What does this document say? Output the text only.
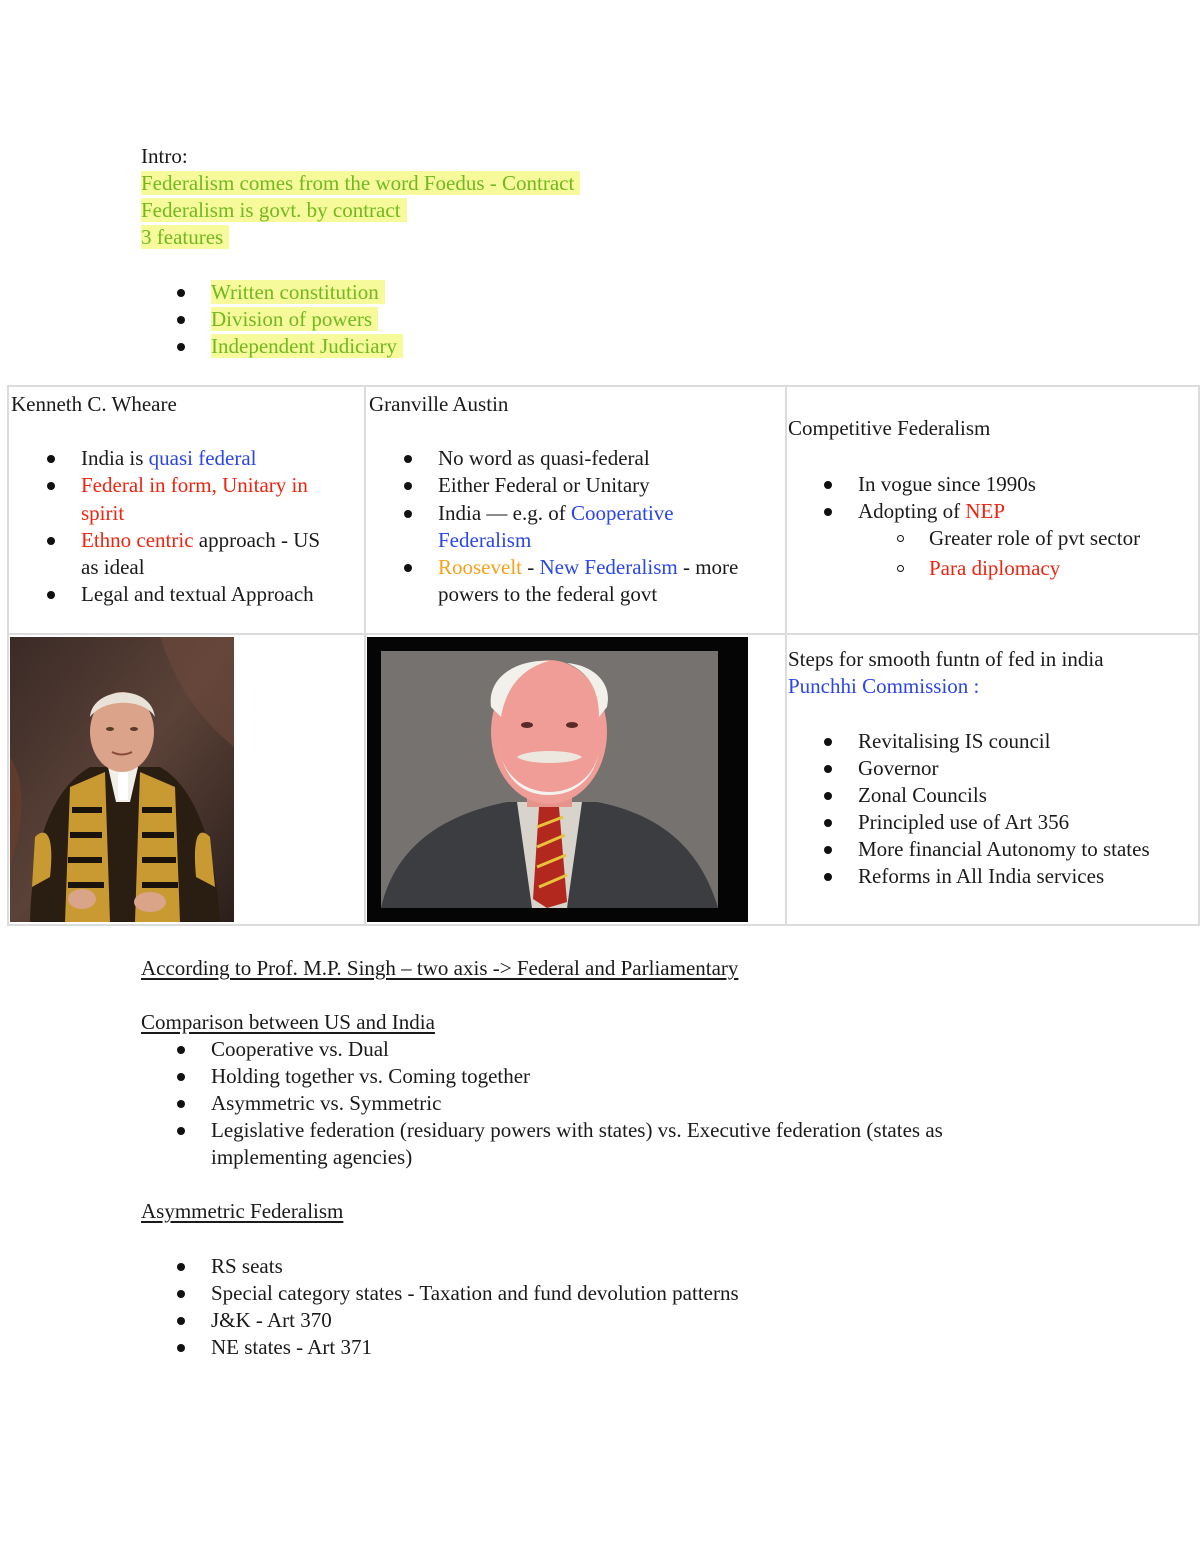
Intro:
Federalism comes from the word Foedus - Contract
Federalism is govt. by contract
3 features
Written constitution
Division of powers
Independent Judiciary
Kenneth C. Wheare
India is quasi federal
Federal in form, Unitary in
spirit
Ethno centric approach - US
as ideal
Legal and textual Approach
Granville Austin
No word as quasi-federal
Either Federal or Unitary
India — e.g. of Cooperative
Federalism
Roosevelt - New Federalism - more
powers to the federal govt
Competitive Federalism
In vogue since 1990s
Adopting of NEP
Greater role of pvt sector
Para diplomacy
Steps for smooth funtn of fed in india
Punchhi Commission :
Revitalising IS council
Governor
Zonal Councils
Principled use of Art 356
More financial Autonomy to states
Reforms in All India services
According to Prof. M.P. Singh – two axis -> Federal and Parliamentary
Comparison between US and India
Cooperative vs. Dual
Holding together vs. Coming together
Asymmetric vs. Symmetric
Legislative federation (residuary powers with states) vs. Executive federation (states as
implementing agencies)
Asymmetric Federalism
RS seats
Special category states - Taxation and fund devolution patterns
J&K - Art 370
NE states - Art 371
